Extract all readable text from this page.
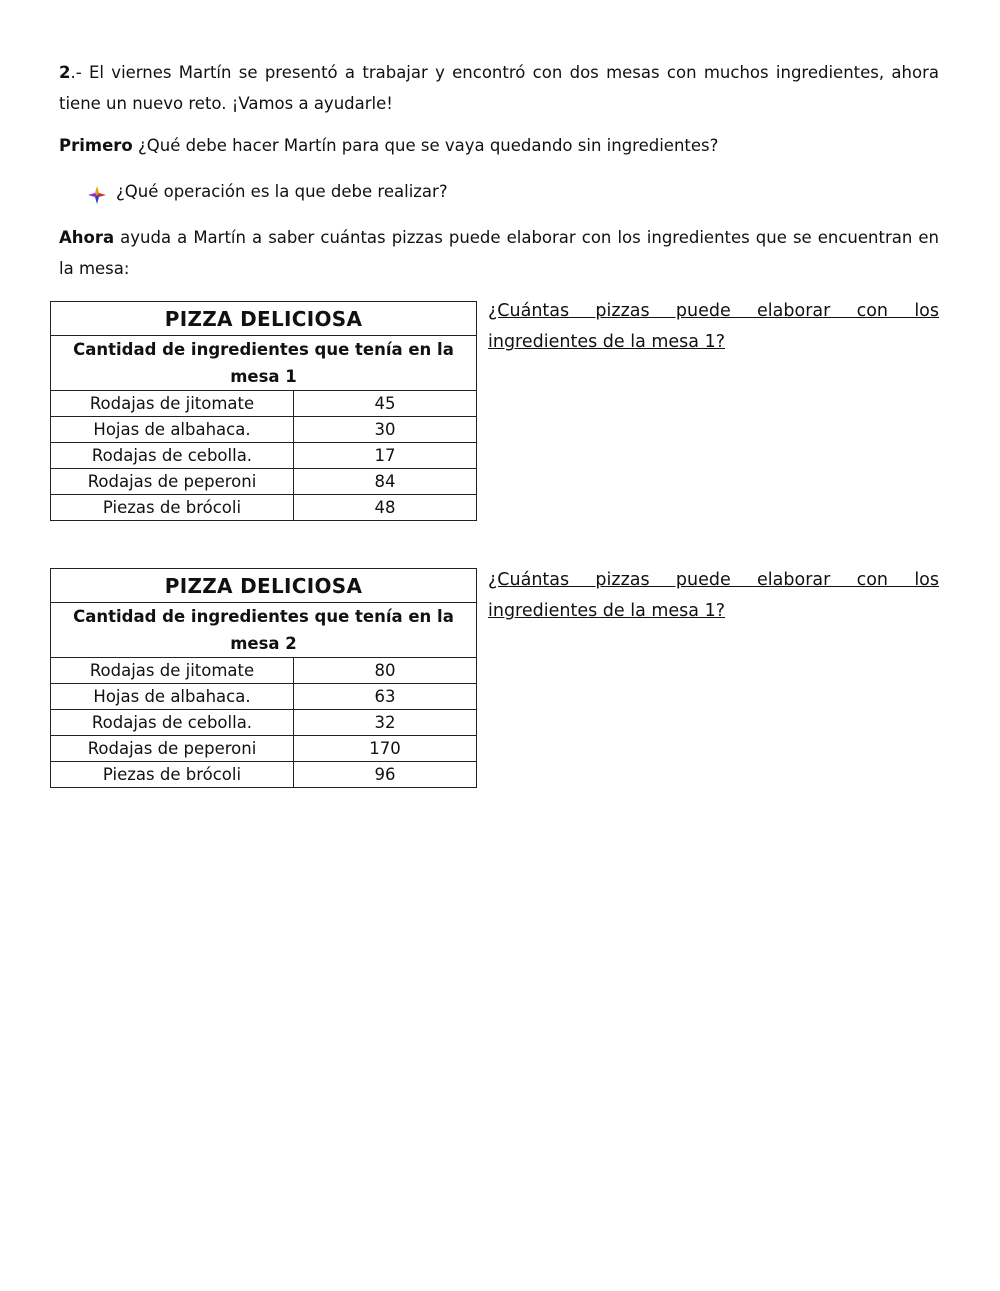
2.- El viernes Martín se presentó a trabajar y encontró con dos mesas con muchos ingredientes, ahora tiene un nuevo reto. ¡Vamos a ayudarle!
Primero ¿Qué debe hacer Martín para que se vaya quedando sin ingredientes?
¿Qué operación es la que debe realizar?
Ahora ayuda a Martín a saber cuántas pizzas puede elaborar con los ingredientes que se encuentran en la mesa:
PIZZA DELICIOSA	
Cantidad de ingredientes que tenía en la mesa 1	
Rodajas de jitomate	45
Hojas de albahaca.	30
Rodajas de cebolla.	17
Rodajas de peperoni	84
Piezas de brócoli	48
¿Cuántas pizzas puede elaborar con los ingredientes de la mesa 1?
PIZZA DELICIOSA	
Cantidad de ingredientes que tenía en la mesa 2	
Rodajas de jitomate	80
Hojas de albahaca.	63
Rodajas de cebolla.	32
Rodajas de peperoni	170
Piezas de brócoli	96
¿Cuántas pizzas puede elaborar con los ingredientes de la mesa 1?
